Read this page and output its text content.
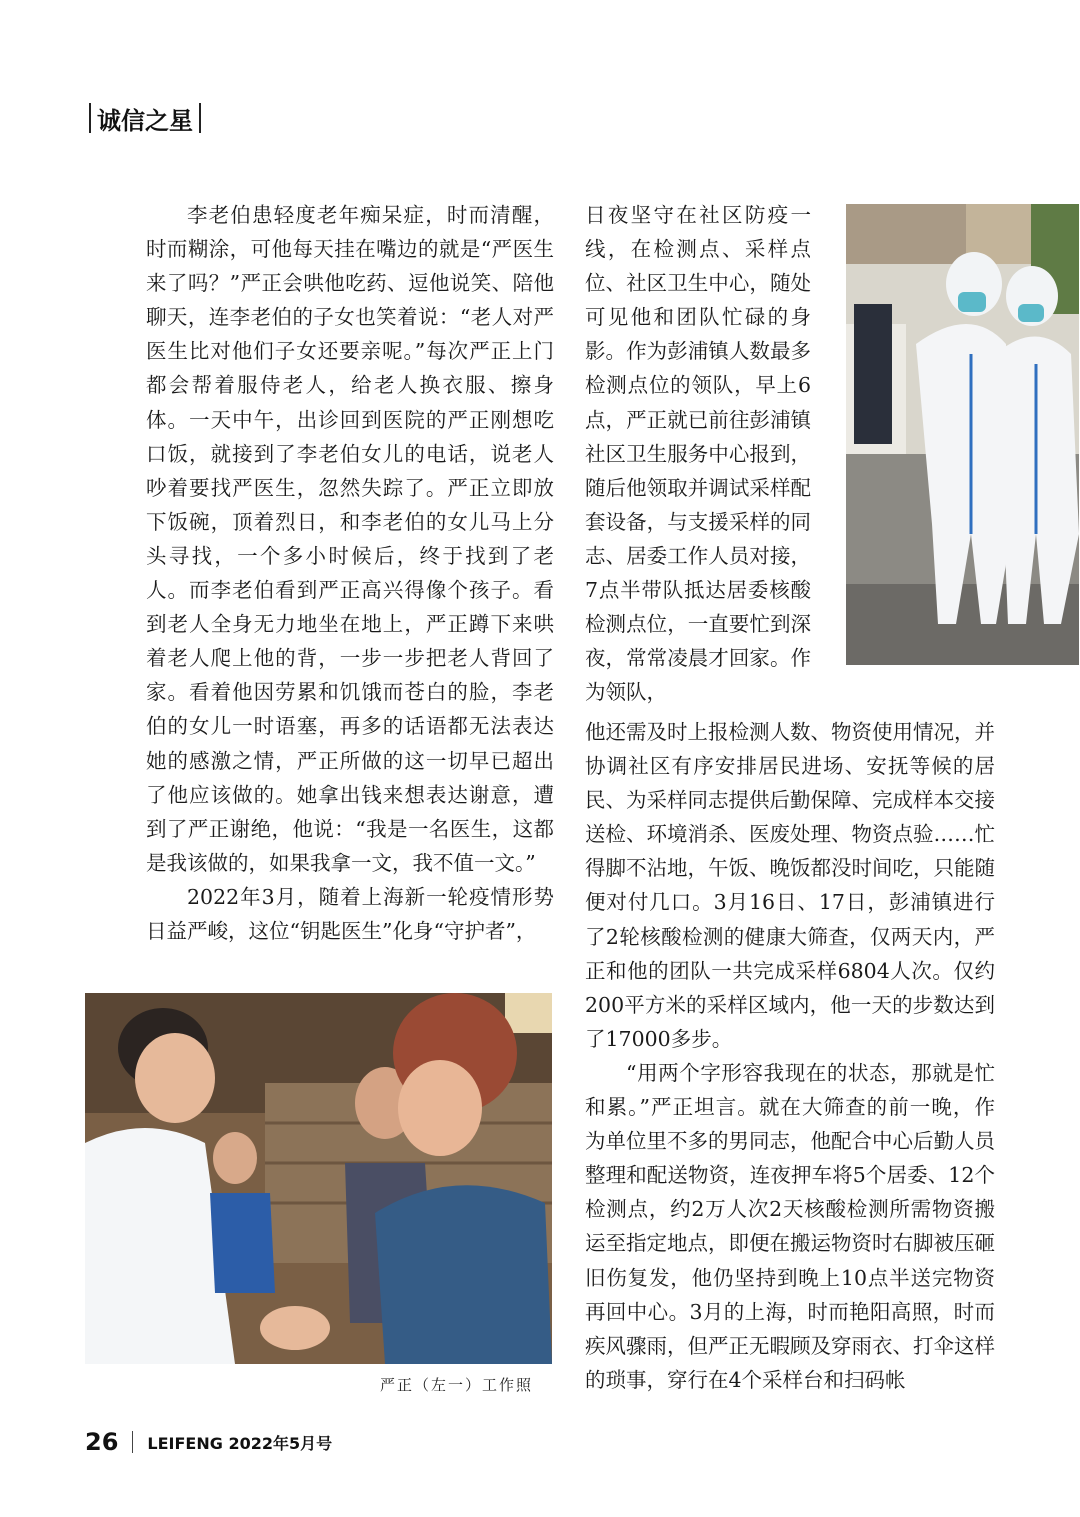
诚信之星

李老伯患轻度老年痴呆症，时而清醒，时而糊涂，可他每天挂在嘴边的就是“严医生来了吗？”严正会哄他吃药、逗他说笑、陪他聊天，连李老伯的子女也笑着说：“老人对严医生比对他们子女还要亲呢。”每次严正上门都会帮着服侍老人，给老人换衣服、擦身体。一天中午，出诊回到医院的严正刚想吃口饭，就接到了李老伯女儿的电话，说老人吵着要找严医生，忽然失踪了。严正立即放下饭碗，顶着烈日，和李老伯的女儿马上分头寻找，一个多小时候后，终于找到了老人。而李老伯看到严正高兴得像个孩子。看到老人全身无力地坐在地上，严正蹲下来哄着老人爬上他的背，一步一步把老人背回了家。看着他因劳累和饥饿而苍白的脸，李老伯的女儿一时语塞，再多的话语都无法表达她的感激之情，严正所做的这一切早已超出了他应该做的。她拿出钱来想表达谢意，遭到了严正谢绝，他说：“我是一名医生，这都是我该做的，如果我拿一文，我不值一文。”

2022年3月，随着上海新一轮疫情形势日益严峻，这位“钥匙医生”化身“守护者”，

日夜坚守在社区防疫一线，在检测点、采样点位、社区卫生中心，随处可见他和团队忙碌的身影。作为彭浦镇人数最多检测点位的领队，早上6点，严正就已前往彭浦镇社区卫生服务中心报到，随后他领取并调试采样配套设备，与支援采样的同志、居委工作人员对接，7点半带队抵达居委核酸检测点位，一直要忙到深夜，常常凌晨才回家。作为领队，

他还需及时上报检测人数、物资使用情况，并协调社区有序安排居民进场、安抚等候的居民、为采样同志提供后勤保障、完成样本交接送检、环境消杀、医废处理、物资点验……忙得脚不沾地，午饭、晚饭都没时间吃，只能随便对付几口。3月16日、17日，彭浦镇进行了2轮核酸检测的健康大筛查，仅两天内，严正和他的团队一共完成采样6804人次。仅约200平方米的采样区域内，他一天的步数达到了17000多步。

“用两个字形容我现在的状态，那就是忙和累。”严正坦言。就在大筛查的前一晚，作为单位里不多的男同志，他配合中心后勤人员整理和配送物资，连夜押车将5个居委、12个检测点，约2万人次2天核酸检测所需物资搬运至指定地点，即便在搬运物资时右脚被压砸旧伤复发，他仍坚持到晚上10点半送完物资再回中心。3月的上海，时而艳阳高照，时而疾风骤雨，但严正无暇顾及穿雨衣、打伞这样的琐事，穿行在4个采样台和扫码帐

严正（左一）工作照
26 LEIFENG 2022年5月号
